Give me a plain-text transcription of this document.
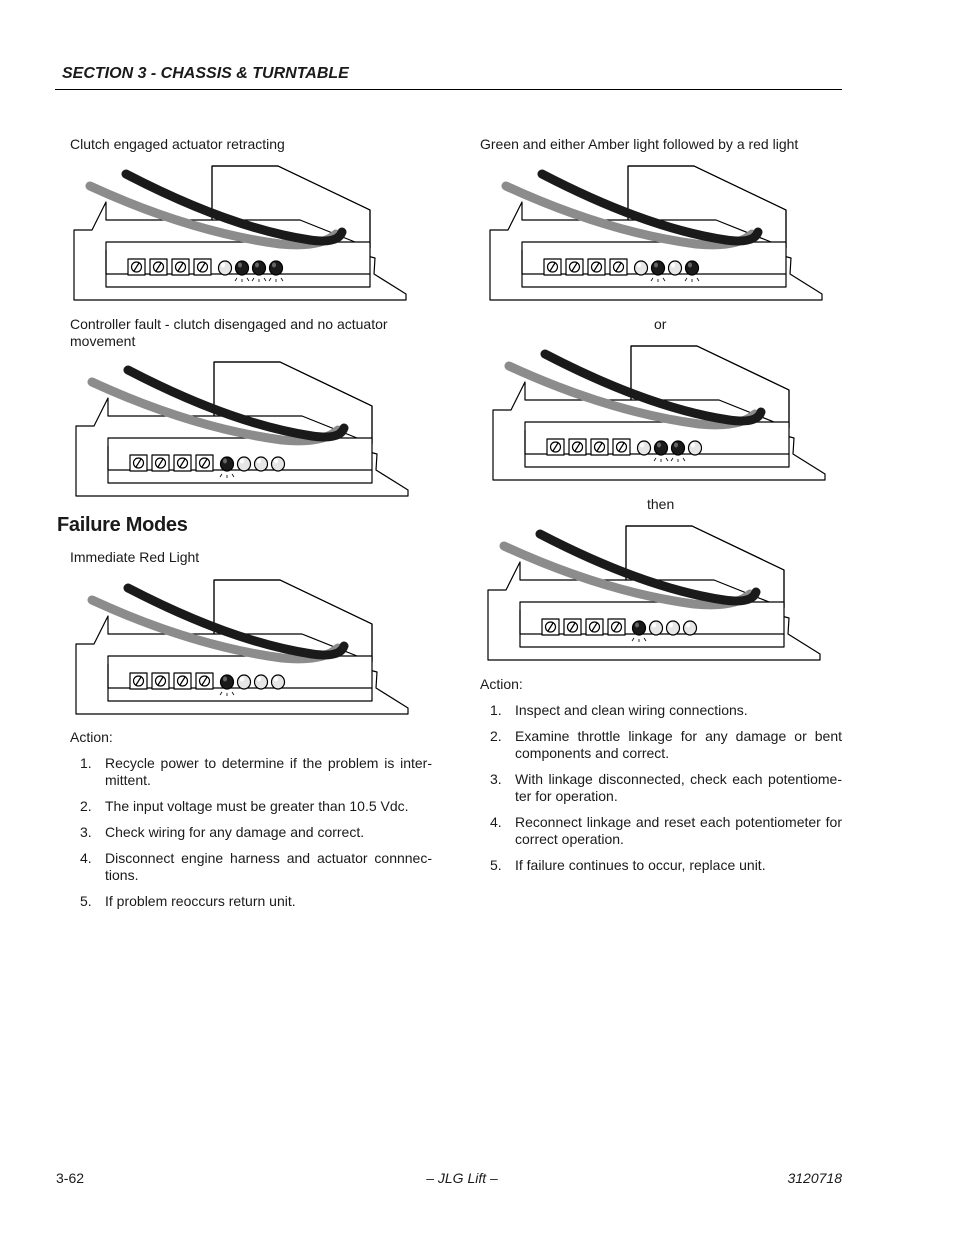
SECTION 3 - CHASSIS & TURNTABLE
Clutch engaged actuator retracting
Controller fault - clutch disengaged and no actuator movement
Failure Modes
Immediate Red Light
Action:
1. Recycle power to determine if the problem is inter-mittent.
2. The input voltage must be greater than 10.5 Vdc.
3. Check wiring for any damage and correct.
4. Disconnect engine harness and actuator connnec-tions.
5. If problem reoccurs return unit.
Green and either Amber light followed by a red light
or
then
Action:
1. Inspect and clean wiring connections.
2. Examine throttle linkage for any damage or bent components and correct.
3. With linkage disconnected, check each potentiome-ter for operation.
4. Reconnect linkage and reset each potentiometer for correct operation.
5. If failure continues to occur, replace unit.
3-62	– JLG Lift –	3120718
